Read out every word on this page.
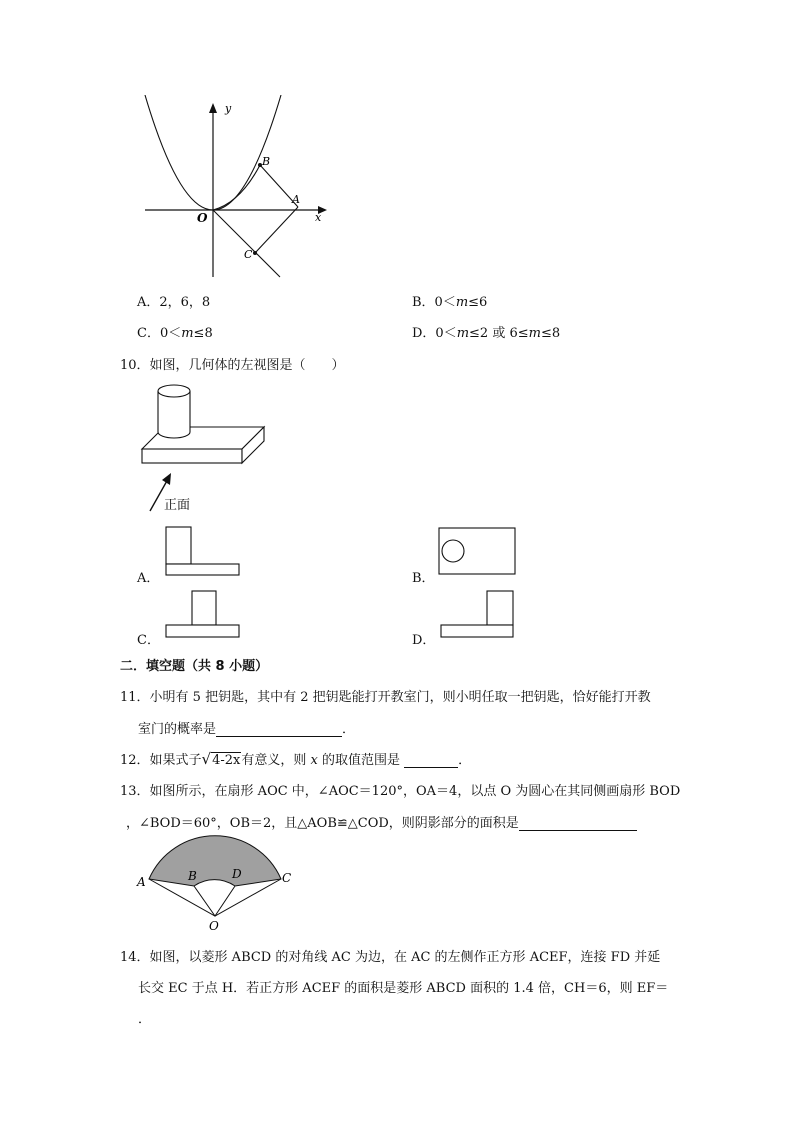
y
x
O
A
B
C
A．2，6，8	B．0＜m≤6
C．0＜m≤8	D．0＜m≤2 或 6≤m≤8
10．如图，几何体的左视图是（　　）
正面
A．	B．
C．	D．
二．填空题（共 8 小题）
11．小明有 5 把钥匙，其中有 2 把钥匙能打开教室门，则小明任取一把钥匙，恰好能打开教
室门的概率是	．
12．如果式子 √ 4-2x 有意义，则 x 的取值范围是	．
13．如图所示，在扇形 AOC 中，∠AOC＝120°，OA＝4，以点 O 为圆心在其同侧画扇形 BOD
，∠BOD＝60°，OB＝2，且△AOB≌△COD，则阴影部分的面积是
A	B	D	C
O
14．如图，以菱形 ABCD 的对角线 AC 为边，在 AC 的左侧作正方形 ACEF，连接 FD 并延
长交 EC 于点 H．若正方形 ACEF 的面积是菱形 ABCD 面积的 1.4 倍，CH＝6，则 EF＝
．
